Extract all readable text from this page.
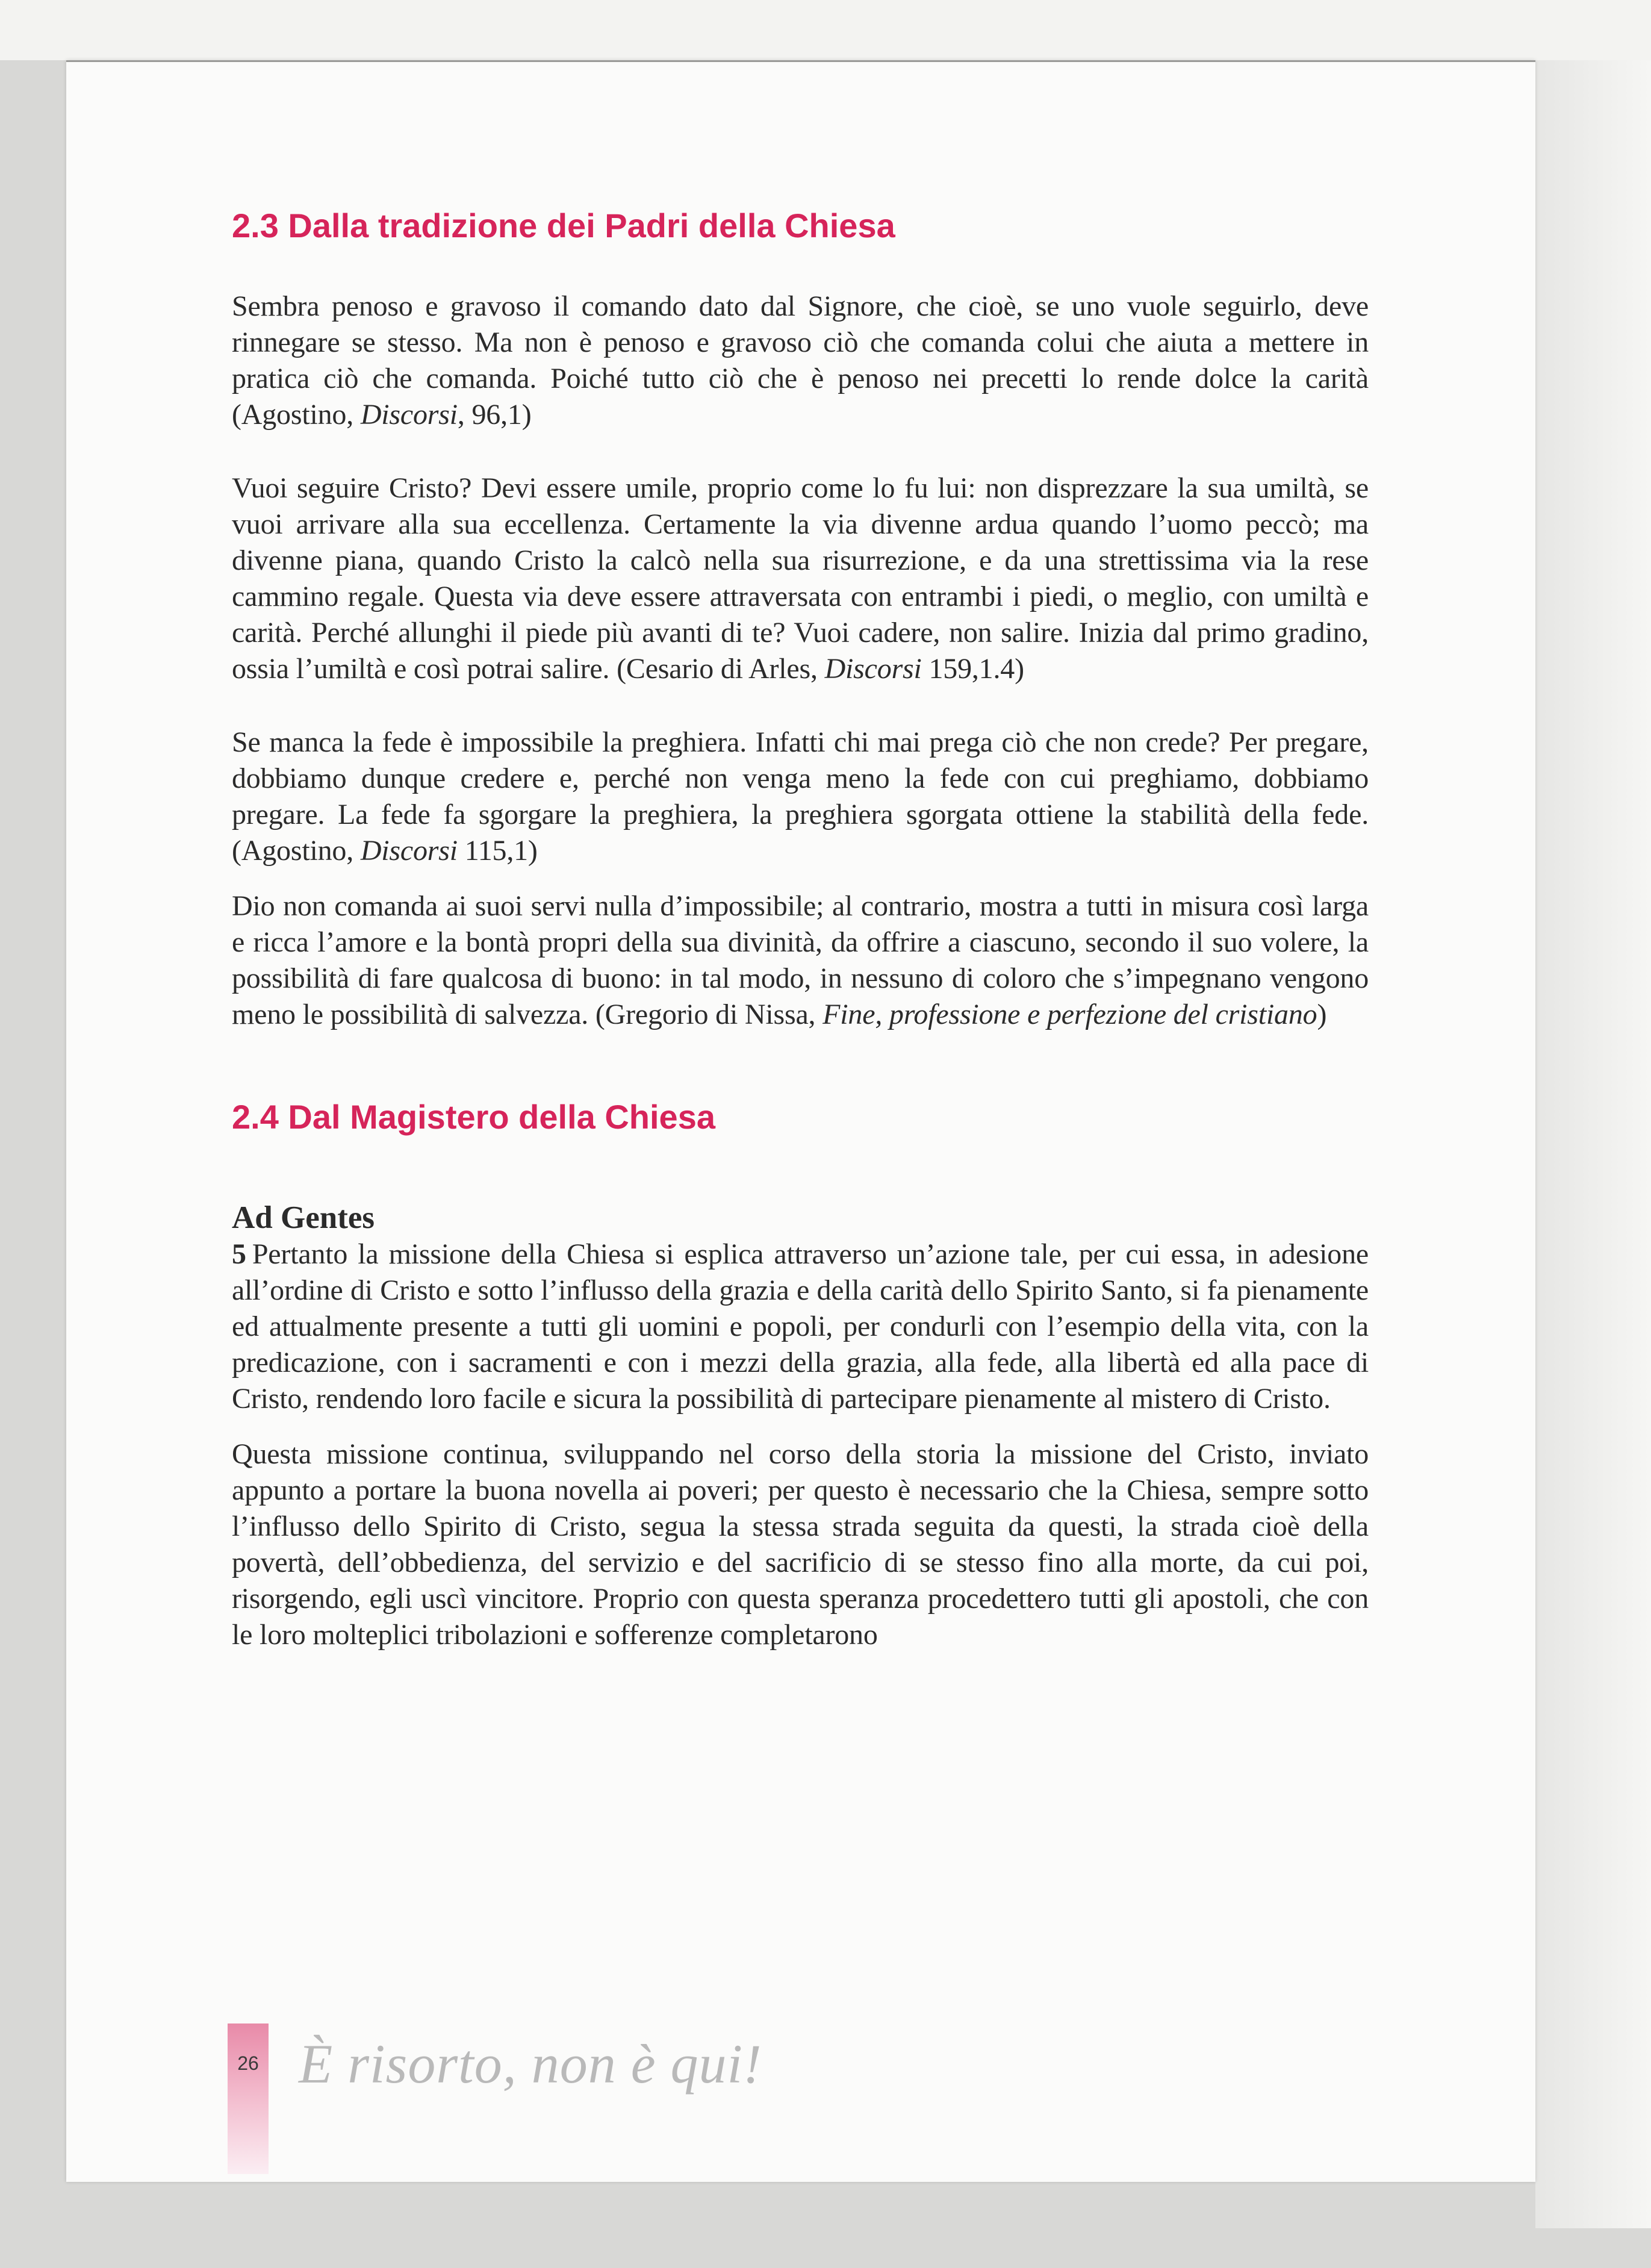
2.3 Dalla tradizione dei Padri della Chiesa

Sembra penoso e gravoso il comando dato dal Signore, che cioè, se uno vuole seguirlo, deve rinnegare se stesso. Ma non è penoso e gravoso ciò che comanda colui che aiuta a mettere in pratica ciò che comanda. Poiché tutto ciò che è penoso nei precetti lo rende dolce la carità (Agostino, Discorsi, 96,1)

Vuoi seguire Cristo? Devi essere umile, proprio come lo fu lui: non disprezzare la sua umiltà, se vuoi arrivare alla sua eccellenza. Certamente la via divenne ardua quando l’uomo peccò; ma divenne piana, quando Cristo la calcò nella sua risurrezione, e da una strettissima via la rese cammino regale. Questa via deve essere attraversata con entrambi i piedi, o meglio, con umiltà e carità. Perché allunghi il piede più avanti di te? Vuoi cadere, non salire. Inizia dal primo gradino, ossia l’umiltà e così potrai salire. (Cesario di Arles, Discorsi 159,1.4)

Se manca la fede è impossibile la preghiera. Infatti chi mai prega ciò che non crede? Per pregare, dobbiamo dunque credere e, perché non venga meno la fede con cui preghiamo, dobbiamo pregare. La fede fa sgorgare la preghiera, la preghiera sgorgata ottiene la stabilità della fede. (Agostino, Discorsi 115,1)

Dio non comanda ai suoi servi nulla d’impossibile; al contrario, mostra a tutti in misura così larga e ricca l’amore e la bontà propri della sua divinità, da offrire a ciascuno, secondo il suo volere, la possibilità di fare qualcosa di buono: in tal modo, in nessuno di coloro che s’impegnano vengono meno le possibilità di salvezza. (Gregorio di Nissa, Fine, professione e perfezione del cristiano)

2.4 Dal Magistero della Chiesa
Ad Gentes

5 Pertanto la missione della Chiesa si esplica attraverso un’azione tale, per cui essa, in adesione all’ordine di Cristo e sotto l’influsso della grazia e della carità dello Spirito Santo, si fa pienamente ed attualmente presente a tutti gli uomini e popoli, per condurli con l’esempio della vita, con la predicazione, con i sacramenti e con i mezzi della grazia, alla fede, alla libertà ed alla pace di Cristo, rendendo loro facile e sicura la possibilità di partecipare pienamente al mistero di Cristo.

Questa missione continua, sviluppando nel corso della storia la missione del Cristo, inviato appunto a portare la buona novella ai poveri; per questo è necessario che la Chiesa, sempre sotto l’influsso dello Spirito di Cristo, segua la stessa strada seguita da questi, la strada cioè della povertà, dell’obbedienza, del servizio e del sacrificio di se stesso fino alla morte, da cui poi, risorgendo, egli uscì vincitore. Proprio con questa speranza procedettero tutti gli apostoli, che con le loro molteplici tribolazioni e sofferenze completarono

26 È risorto, non è qui!
